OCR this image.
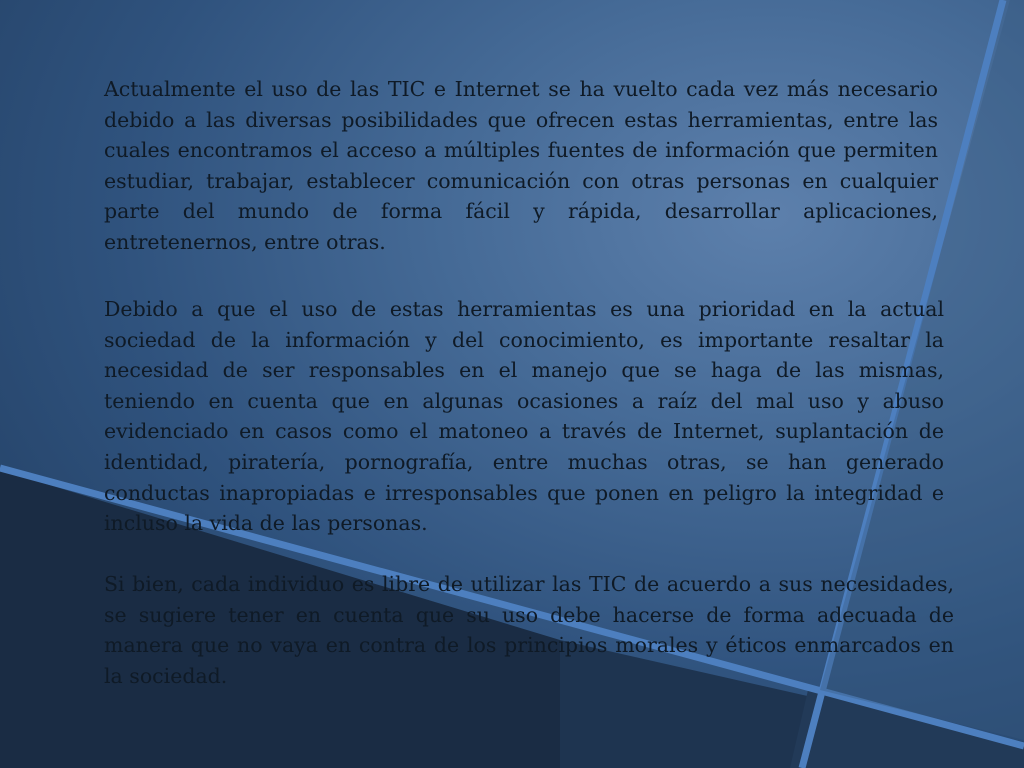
Actualmente el uso de las TIC e Internet se ha vuelto cada vez más necesario debido a las diversas posibilidades que ofrecen estas herramientas, entre las cuales encontramos el acceso a múltiples fuentes de información que permiten estudiar, trabajar, establecer comunicación con otras personas en cualquier parte del mundo de forma fácil y rápida, desarrollar aplicaciones, entretenernos, entre otras.

Debido a que el uso de estas herramientas es una prioridad en la actual sociedad de la información y del conocimiento, es importante resaltar la necesidad de ser responsables en el manejo que se haga de las mismas, teniendo en cuenta que en algunas ocasiones a raíz del mal uso y abuso evidenciado en casos como el matoneo a través de Internet, suplantación de identidad, piratería, pornografía, entre muchas otras, se han generado conductas inapropiadas e irresponsables que ponen en peligro la integridad e incluso la vida de las personas.

Si bien, cada individuo es libre de utilizar las TIC de acuerdo a sus necesidades, se sugiere tener en cuenta que su uso debe hacerse de forma adecuada de manera que no vaya en contra de los principios morales y éticos enmarcados en la sociedad.
